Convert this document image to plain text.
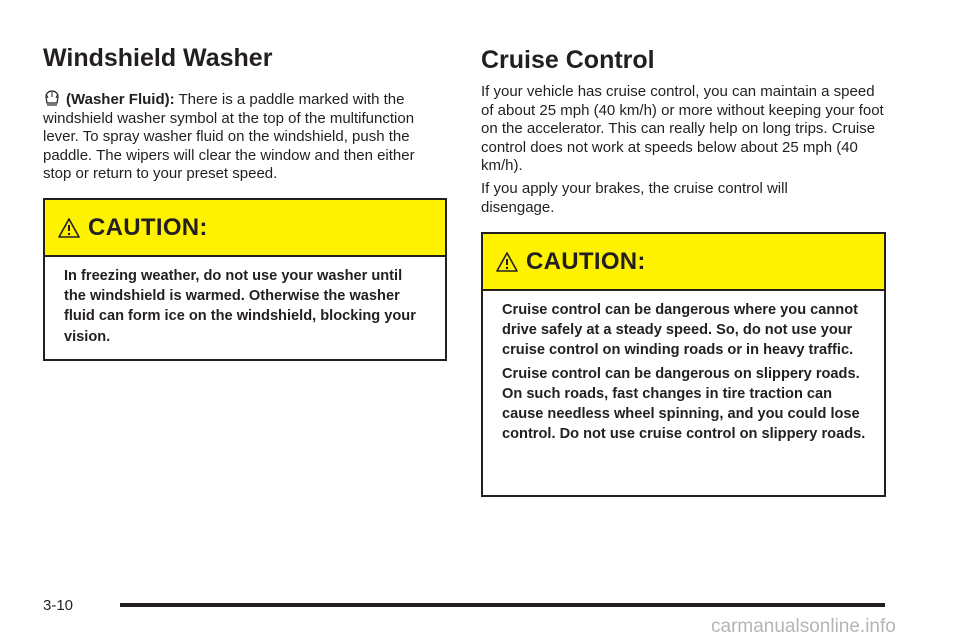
Windshield Washer

(Washer Fluid): There is a paddle marked with the windshield washer symbol at the top of the multifunction lever. To spray washer fluid on the windshield, push the paddle. The wipers will clear the window and then either stop or return to your preset speed.

CAUTION:

In freezing weather, do not use your washer until the windshield is warmed. Otherwise the washer fluid can form ice on the windshield, blocking your vision.

Cruise Control

If your vehicle has cruise control, you can maintain a speed of about 25 mph (40 km/h) or more without keeping your foot on the accelerator. This can really help on long trips. Cruise control does not work at speeds below about 25 mph (40 km/h).

If you apply your brakes, the cruise control will disengage.

CAUTION:

Cruise control can be dangerous where you cannot drive safely at a steady speed. So, do not use your cruise control on winding roads or in heavy traffic.

Cruise control can be dangerous on slippery roads. On such roads, fast changes in tire traction can cause needless wheel spinning, and you could lose control. Do not use cruise control on slippery roads.

3-10
carmanualsonline.info
